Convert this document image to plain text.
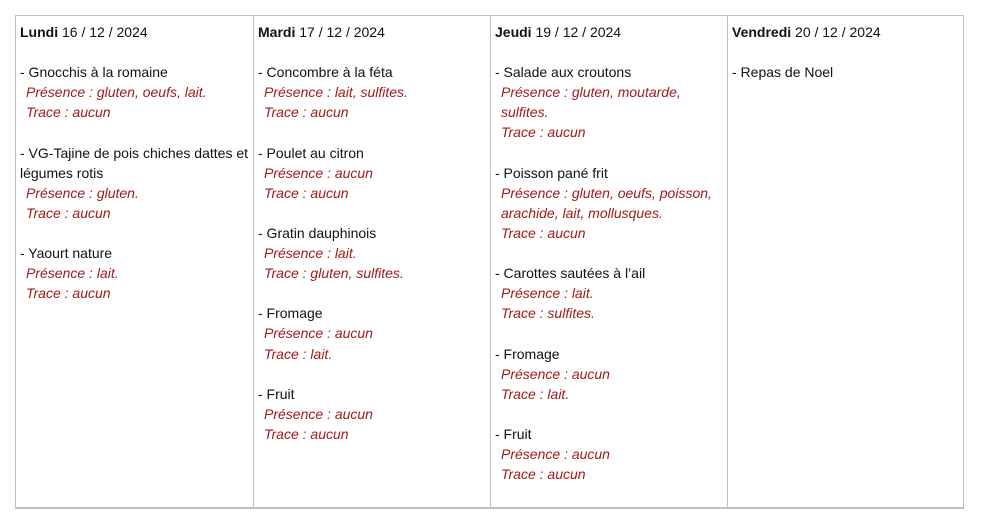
Lundi 16 / 12 / 2024
- Gnocchis à la romaine
Présence : gluten, oeufs, lait.
Trace : aucun
- VG-Tajine de pois chiches dattes et légumes rotis
Présence : gluten.
Trace : aucun
- Yaourt nature
Présence : lait.
Trace : aucun
Mardi 17 / 12 / 2024
- Concombre à la féta
Présence : lait, sulfites.
Trace : aucun
- Poulet au citron
Présence : aucun
Trace : aucun
- Gratin dauphinois
Présence : lait.
Trace : gluten, sulfites.
- Fromage
Présence : aucun
Trace : lait.
- Fruit
Présence : aucun
Trace : aucun
Jeudi 19 / 12 / 2024
- Salade aux croutons
Présence : gluten, moutarde, sulfites.
Trace : aucun
- Poisson pané frit
Présence : gluten, oeufs, poisson, arachide, lait, mollusques.
Trace : aucun
- Carottes sautées à l’ail
Présence : lait.
Trace : sulfites.
- Fromage
Présence : aucun
Trace : lait.
- Fruit
Présence : aucun
Trace : aucun
Vendredi 20 / 12 / 2024
- Repas de Noel
